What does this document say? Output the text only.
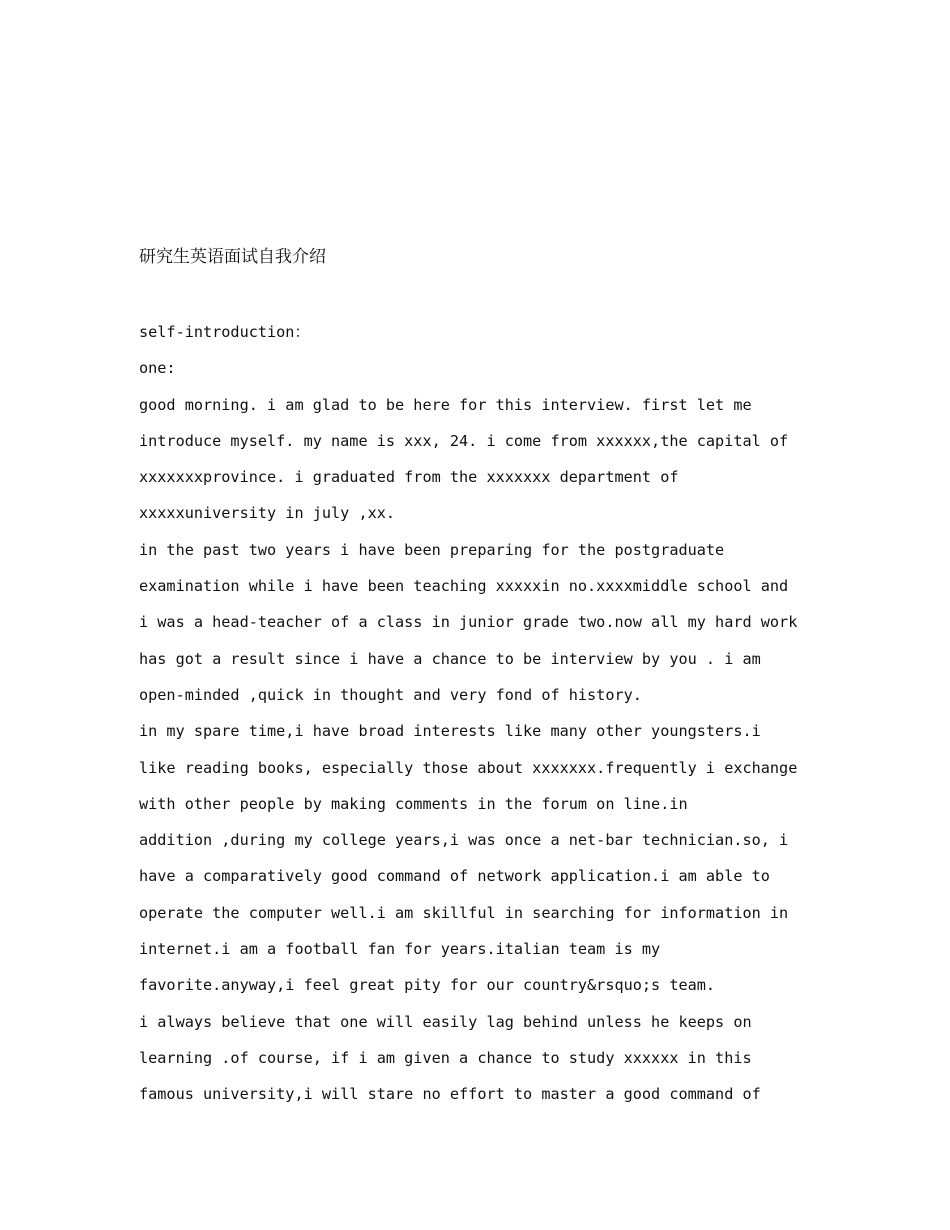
研究生英语面试自我介绍
self-introduction：
one:
good morning. i am glad to be here for this interview. first let me
introduce myself. my name is xxx, 24. i come from xxxxxx,the capital of
xxxxxxxprovince. i graduated from the xxxxxxx department of
xxxxxuniversity in july ,xx.
in the past two years i have been preparing for the postgraduate
examination while i have been teaching xxxxxin no.xxxxmiddle school and
i was a head-teacher of a class in junior grade two.now all my hard work
has got a result since i have a chance to be interview by you . i am
open-minded ,quick in thought and very fond of history.
in my spare time,i have broad interests like many other youngsters.i
like reading books, especially those about xxxxxxx.frequently i exchange
with other people by making comments in the forum on line.in
addition ,during my college years,i was once a net-bar technician.so, i
have a comparatively good command of network application.i am able to
operate the computer well.i am skillful in searching for information in
internet.i am a football fan for years.italian team is my
favorite.anyway,i feel great pity for our country&rsquo;s team.
i always believe that one will easily lag behind unless he keeps on
learning .of course, if i am given a chance to study xxxxxx in this
famous university,i will stare no effort to master a good command of
